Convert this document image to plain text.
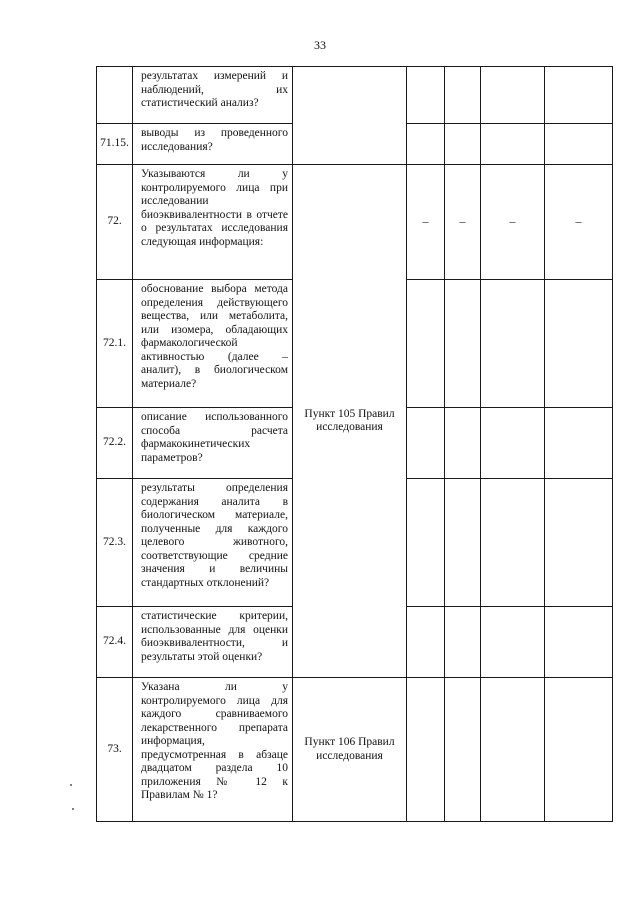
33
	результатах измерений и наблюдений, их статистический анализ?					
71.15.	выводы из проведенного исследования?					
72.	Указываются ли у контролируемого лица при исследовании биоэквивалентности в отчете о результатах исследования следующая информация:	Пункт 105 Правил исследования	–	–	–	–
72.1.	обоснование выбора метода определения действующего вещества, или метаболита, или изомера, обладающих фармакологической активностью (далее – аналит), в биологическом материале?					
72.2.	описание использованного способа расчета фармакокинетических параметров?					
72.3.	результаты определения содержания аналита в биологическом материале, полученные для каждого целевого животного, соответствующие средние значения и величины стандартных отклонений?					
72.4.	статистические критерии, использованные для оценки биоэквивалентности, и результаты этой оценки?					
73.	Указана ли у контролируемого лица для каждого сравниваемого лекарственного препарата информация, предусмотренная в абзаце двадцатом раздела 10 приложения № 12 к Правилам № 1?	Пункт 106 Правил исследования				
